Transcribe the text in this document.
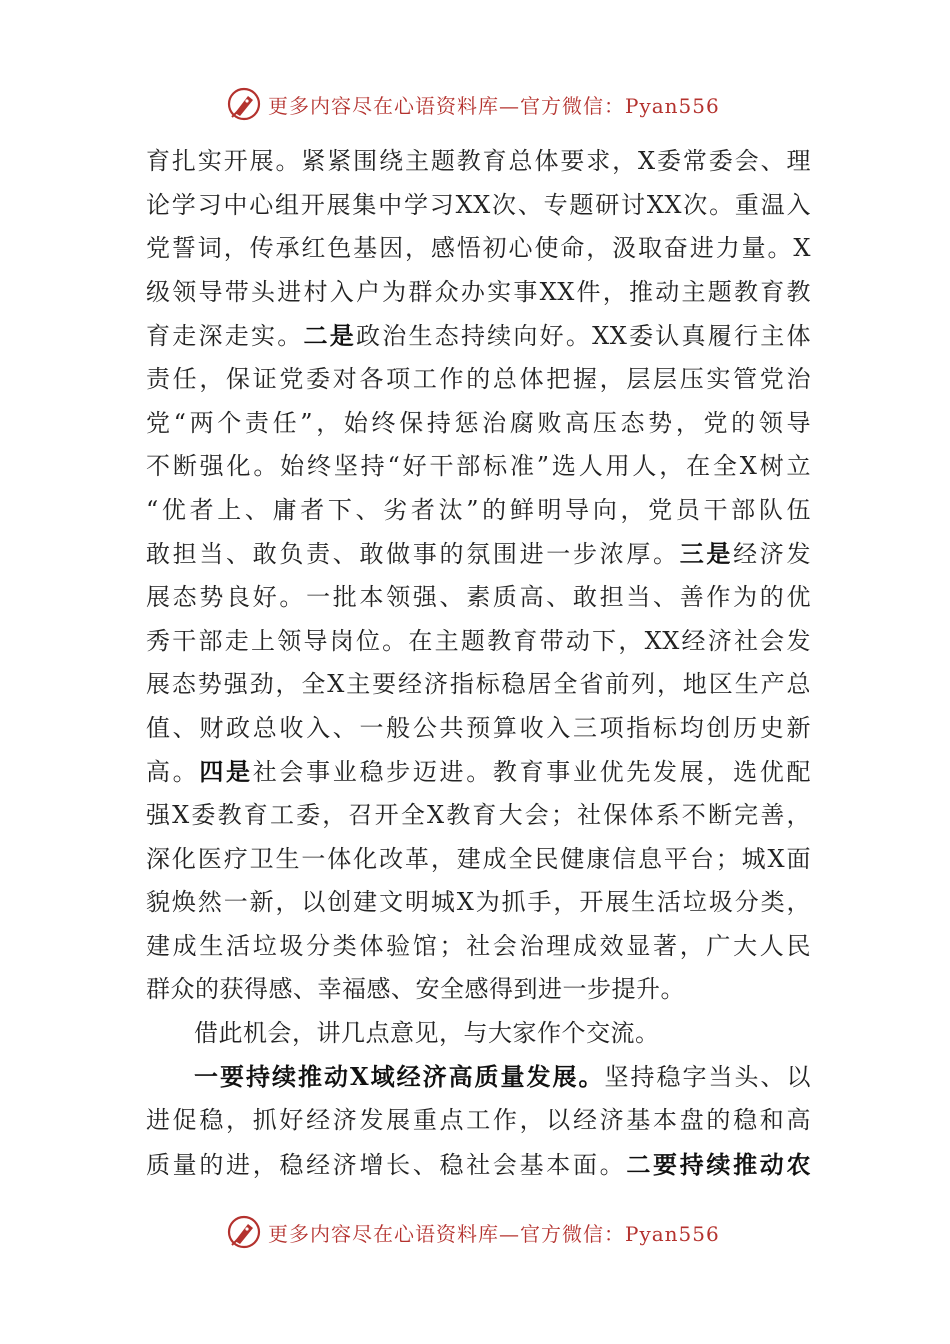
更多内容尽在心语资料库—官方微信：Pyan556
育扎实开展。紧紧围绕主题教育总体要求，X委常委会、理
论学习中心组开展集中学习XX次、专题研讨XX次。重温入
党誓词，传承红色基因，感悟初心使命，汲取奋进力量。X
级领导带头进村入户为群众办实事XX件，推动主题教育教
育走深走实。二是政治生态持续向好。XX委认真履行主体
责任，保证党委对各项工作的总体把握，层层压实管党治
党“两个责任”，始终保持惩治腐败高压态势，党的领导
不断强化。始终坚持“好干部标准”选人用人，在全X树立
“优者上、庸者下、劣者汰”的鲜明导向，党员干部队伍
敢担当、敢负责、敢做事的氛围进一步浓厚。三是经济发
展态势良好。一批本领强、素质高、敢担当、善作为的优
秀干部走上领导岗位。在主题教育带动下，XX经济社会发
展态势强劲，全X主要经济指标稳居全省前列，地区生产总
值、财政总收入、一般公共预算收入三项指标均创历史新
高。四是社会事业稳步迈进。教育事业优先发展，选优配
强X委教育工委，召开全X教育大会；社保体系不断完善，
深化医疗卫生一体化改革，建成全民健康信息平台；城X面
貌焕然一新，以创建文明城X为抓手，开展生活垃圾分类，
建成生活垃圾分类体验馆；社会治理成效显著，广大人民
群众的获得感、幸福感、安全感得到进一步提升。
借此机会，讲几点意见，与大家作个交流。
一要持续推动X域经济高质量发展。坚持稳字当头、以
进促稳，抓好经济发展重点工作，以经济基本盘的稳和高
质量的进，稳经济增长、稳社会基本面。二要持续推动农
更多内容尽在心语资料库—官方微信：Pyan556
